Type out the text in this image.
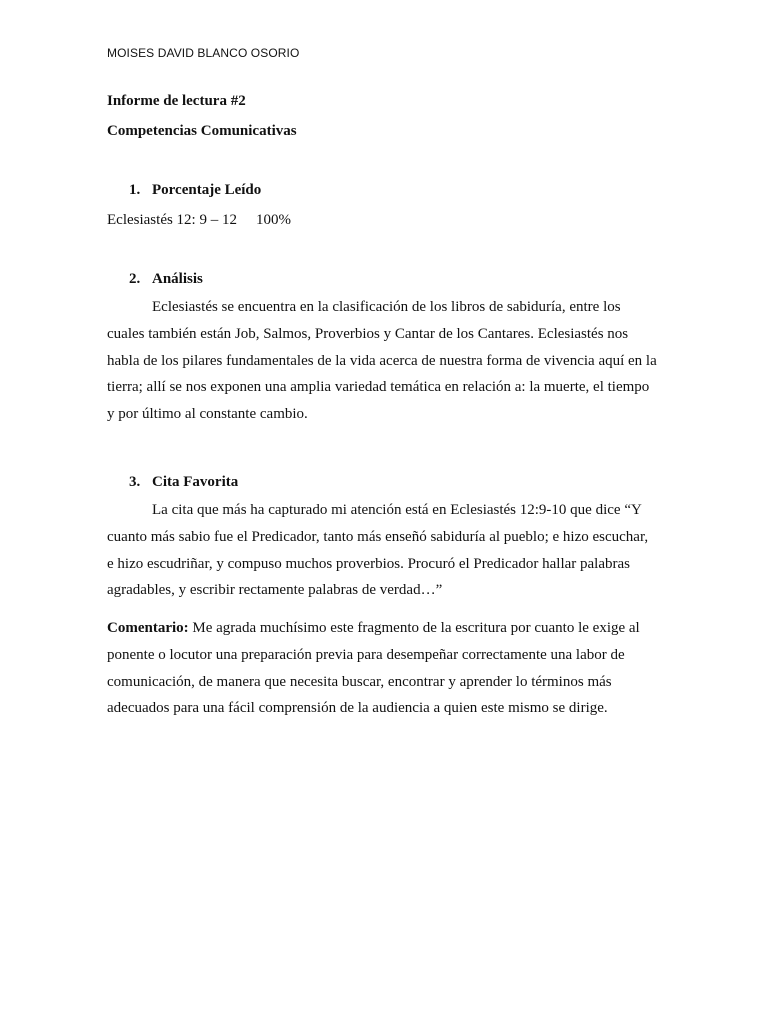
MOISES DAVID BLANCO OSORIO
Informe de lectura #2
Competencias Comunicativas
1. Porcentaje Leído
Eclesiastés 12: 9 – 12 100%
2. Análisis
Eclesiastés se encuentra en la clasificación de los libros de sabiduría, entre los
cuales también están Job, Salmos, Proverbios y Cantar de los Cantares. Eclesiastés nos
habla de los pilares fundamentales de la vida acerca de nuestra forma de vivencia aquí en la
tierra; allí se nos exponen una amplia variedad temática en relación a: la muerte, el tiempo
y por último al constante cambio.
3. Cita Favorita
La cita que más ha capturado mi atención está en Eclesiastés 12:9-10 que dice “Y
cuanto más sabio fue el Predicador, tanto más enseñó sabiduría al pueblo; e hizo escuchar,
e hizo escudriñar, y compuso muchos proverbios. Procuró el Predicador hallar palabras
agradables, y escribir rectamente palabras de verdad…”
Comentario: Me agrada muchísimo este fragmento de la escritura por cuanto le exige al
ponente o locutor una preparación previa para desempeñar correctamente una labor de
comunicación, de manera que necesita buscar, encontrar y aprender lo términos más
adecuados para una fácil comprensión de la audiencia a quien este mismo se dirige.
